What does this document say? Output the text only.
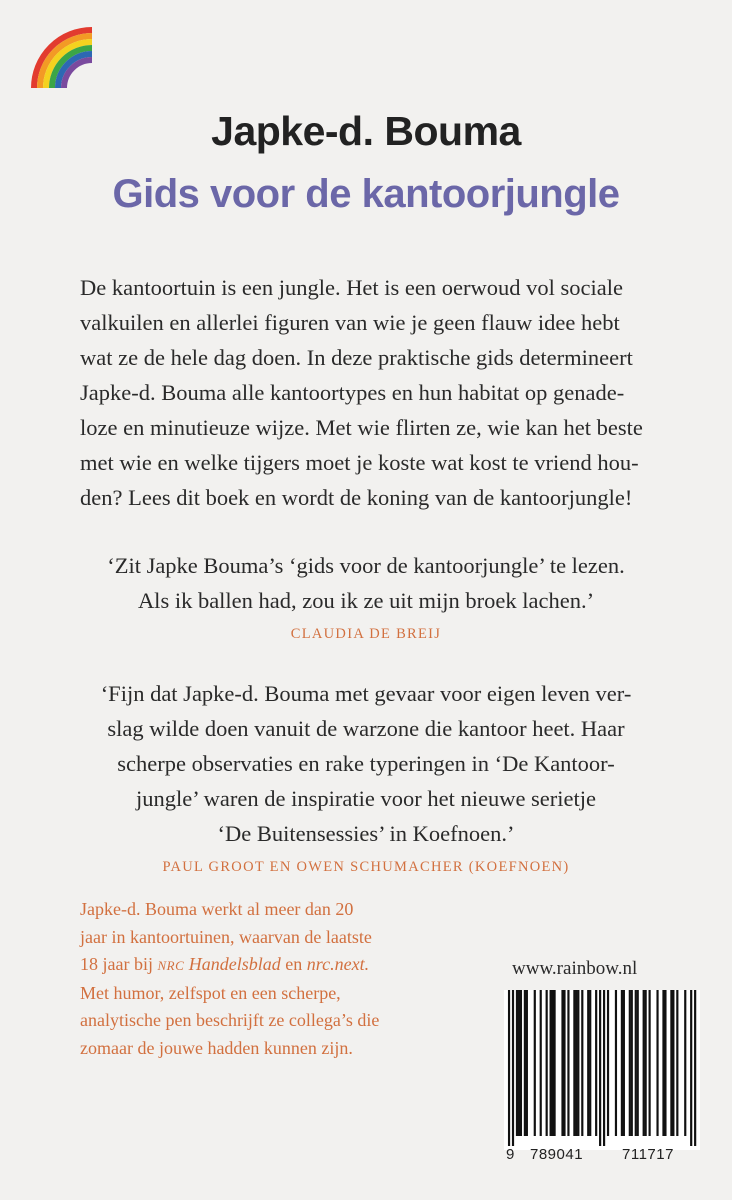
Japke-d. Bouma
Gids voor de kantoorjungle
De kantoortuin is een jungle. Het is een oerwoud vol sociale
valkuilen en allerlei figuren van wie je geen flauw idee hebt
wat ze de hele dag doen. In deze praktische gids determineert
Japke-d. Bouma alle kantoortypes en hun habitat op genade-
loze en minutieuze wijze. Met wie flirten ze, wie kan het beste
met wie en welke tijgers moet je koste wat kost te vriend hou-
den? Lees dit boek en wordt de koning van de kantoorjungle!
‘Zit Japke Bouma’s ‘gids voor de kantoorjungle’ te lezen.
Als ik ballen had, zou ik ze uit mijn broek lachen.’
CLAUDIA DE BREIJ
‘Fijn dat Japke-d. Bouma met gevaar voor eigen leven ver-
slag wilde doen vanuit de warzone die kantoor heet. Haar
scherpe observaties en rake typeringen in ‘De Kantoor-
jungle’ waren de inspiratie voor het nieuwe serietje
‘De Buitensessies’ in Koefnoen.’
PAUL GROOT EN OWEN SCHUMACHER (KOEFNOEN)
Japke-d. Bouma werkt al meer dan 20
jaar in kantoortuinen, waarvan de laatste
18 jaar bij NRC Handelsblad en nrc.next.
Met humor, zelfspot en een scherpe,
analytische pen beschrijft ze collega’s die
zomaar de jouwe hadden kunnen zijn.
www.rainbow.nl
9 789041	711717
